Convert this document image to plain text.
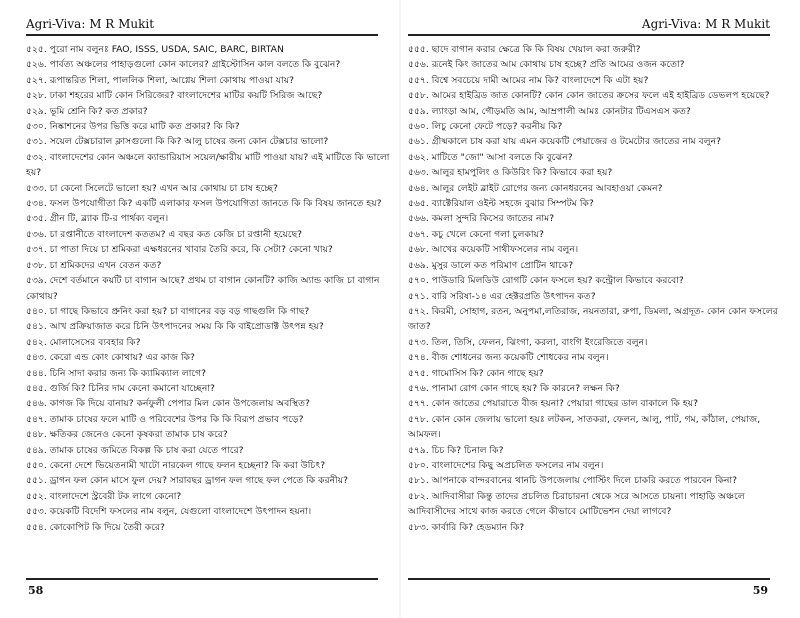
Agri-Viva: M R Mukit
৫২৫. পুরো নাম বলুনঃ FAO, ISSS, USDA, SAIC, BARC, BIRTAN
৫২৬. পার্বত্য অঞ্চলের পাহাড়গুলো কোন কালের? গ্রাইস্টোসিন কাল বলতে কি বুঝেন?
৫২৭. রূপান্তরিত শিলা, পাললিক শিলা, আগ্নেয় শিলা কোথায় পাওয়া যায়?
৫২৮. ঢাকা শহরের মাটি কোন সিরিজের? বাংলাদেশের মাটির কয়টি সিরিজ আছে?
৫২৯. ভূমি শ্রেনি কি? কত প্রকার?
৫৩০. নিষ্কাশনের উপর ভিত্তি করে মাটি কত প্রকার? কি কি?
৫৩১. সয়েল টেক্সচারাল ক্লাসগুলো কি কি? আলু চাষের জন্য কোন টেক্সচার ভালো?
৫৩২. বাংলাদেশের কোন অঞ্চলে ক্যান্ডারিয়াস সয়েল/ক্ষারীয় মাটি পাওয়া যায়? এই মাটিতে কি ভালো হয়?
৫৩৩. চা কেনো সিলেটে ভালো হয়? এখন আর কোথায় চা চাষ হচ্ছে?
৫৩৪. ফসল উপযোগীতা কি? একটি এলাকার ফসল উপযোগিতা জানতে কি কি বিষয় জানতে হয়?
৫৩৫. গ্রীন টি, ব্ল্যাক টি-র পার্থক্য বলুন।
৫৩৬. চা রপ্তানীতে বাংলাদেশ কততম? এ বছর কত কেজি চা রপ্তানী হয়েছে?
৫৩৭. চা পাতা দিয়ে চা শ্রমিকরা এক্ষধরনের খাবার তৈরি করে, কি সেটা? কেনো খায়?
৫৩৮. চা শ্রমিকদের এখন বেতন কত?
৫৩৯. দেশে বর্তমানে কয়টি চা বাগান আছে? প্রথম চা বাগান কোনটি? কাজি অ্যান্ড কাজি চা বাগান কোথায়?
৫৪০. চা গাছে কিভাবে প্রুনিং করা হয়? চা বাগানের বড় বড় গাছগুলি কি গাছ?
৫৪১. আখ প্রক্রিয়াজাত করে চিনি উৎপাদনের সময় কি কি বাইপ্রোডাক্ট উৎপন্ন হয়?
৫৪২. মোলাসেসের ব্যবহার কি?
৫৪৩. কেরো এন্ড কোং কোথায়? এর কাজ কি?
৫৪৪. চিনি সাদা করার জন্য কি ক্যামিক্যাল লাগে?
৫৪৫. গুর্জি কি? চিনির দাম কেনো কমানো যাচ্ছেনা?
৫৪৬. কাগজ কি দিয়ে বানায়? কর্নফুলী পেপার মিল কোন উপজেলায় অবস্থিত?
৫৪৭. তামাক চাষের ফলে মাটি ও পরিবেশের উপর কি কি বিরূপ প্রভাব পড়ে?
৫৪৮. ক্ষতিকর জেনেও কেনো কৃষকরা তামাক চাষ করে?
৫৪৯. তামাক চাষের জমিতে বিকল্প কি চাষ করা যেতে পারে?
৫৫০. কেনো দেশে ভিয়েতনামী খাটো নারকেল গাছে ফলন হচ্ছেনা? কি করা উচিৎ?
৫৫১. ড্রাগন ফল কোন মাসে ফুল দেয়? সারাবছর ড্রাগন ফল গাছে ফল পেতে কি করনীয়?
৫৫২. বাংলাদেশে স্ট্রবেরী টক লাগে কেনো?
৫৫৩. কয়েকটি বিদেশি ফসলের নাম বলুন, যেগুলো বাংলাদেশে উৎপাদন হয়না।
৫৫৪. কোকোপিট কি দিয়ে তৈরী করে?
58
Agri-Viva: M R Mukit
৫৫৫. ছাদে বাগান করার ক্ষেত্রে কি কি বিষয় খেয়াল করা জরুরী?
৫৫৬. রূনেই কিং জাতের আম কোথায় চাষ হচ্ছে? প্রতি আমের ওজন কতো?
৫৫৭. বিশ্বে সবচেয়ে দামী আমের নাম কি? বাংলাদেশে কি এটা হয়?
৫৫৮. আমের হাইব্রিড জাত কোনটি? কোন কোন জাতের ক্রসের ফলে এই হাইব্রিড ডেভলপ হয়েছে?
৫৫৯. ল্যাংড়া আম, গৌড়মতি আম, আম্রপালী আমঃ কোনটার টিএসএস কত?
৫৬০. লিচু কেনো ফেটে পড়ে? করনীয় কি?
৫৬১. গ্রীষ্মকালে চাষ করা যায় এমন কয়েকটি পেয়াজের ও টমেটোর জাতের নাম বলুন?
৫৬২. মাটিতে "জো" আসা বলতে কি বুঝেন?
৫৬৩. আলুর হামপুলিং ও কিউরিং কি? কিভাবে করা হয়?
৫৬৪. আলুর লেইট ব্লাইট রোগের জন্য কোনধরনের আবহাওয়া কেমন?
৫৬৫. ব্যাক্টেরিয়াল ওইল্ট সহজে বুঝার সিম্পটম কি?
৫৬৬. কমলা সুন্দরি কিসের জাতের নাম?
৫৬৭. কচু খেলে কেনো গলা চুলকায়?
৫৬৮. আখের কয়েকটি সাথীফসলের নাম বলুন।
৫৬৯. মুসুর ডালে কত পরিমাণ প্রোটিন থাকে?
৫৭০. পাউডারি মিলডিউ রোগটি কোন ফসলে হয়? কন্ট্রোল কিভাবে করবো?
৫৭১. বারি সরিষা-১৪ এর হেক্টরপ্রতি উৎপাদন কত?
৫৭২. কিরমী, সোহাগ, রতন, অনুপমা,লতিরাজ, নয়নতারা, রুপা, ডিমলা, অগ্রদূত- কোন কোন ফসলের জাত?
৫৭৩. তিল, তিসি, ফেলন, ঝিংগা, করলা, বাংগি ইংরেজিতে বলুন।
৫৭৪. বীজ শোধনের জন্য কয়েকটি শোধকের নাম বলুন।
৫৭৫. গামোসিস কি? কোন গাছে হয়?
৫৭৬. পানামা রোগ কোন গাছে হয়? কি কারনে? লক্ষন কি?
৫৭৭. কোন জাতের পেয়ারাতে বীজ হয়না? পেয়ারা গাছের ডাল বাকালে কি হয়?
৫৭৮. কোন কোন জেলায় ভালো হয়ঃ লটকন, সাতকরা, ফেলন, আলু, পাট, গম, কাঁঠাল, পেয়াজ, আমফল।
৫৭৯. চিচ কি? চিনাল কি?
৫৮০. বাংলাদেশের কিছু অপ্রচলিত ফসলের নাম বলুন।
৫৮১. আপনাকে বান্দরবানের থানচি উপজেলায় পোস্টিং দিলে চাকরি করতে পারবেন কিনা?
৫৮২. আদিবাসীরা কিন্তু তাদের প্রচলিত চিরাচারনা থেকে সরে আসতে চায়না। পাহাড়ি অঞ্চলে আদিবাসীদের সাথে কাজ করতে গেলে কীভাবে মোটিভেশন দেয়া লাগবে?
৫৮৩. কার্বারি কি? হেডম্যান কি?
59
